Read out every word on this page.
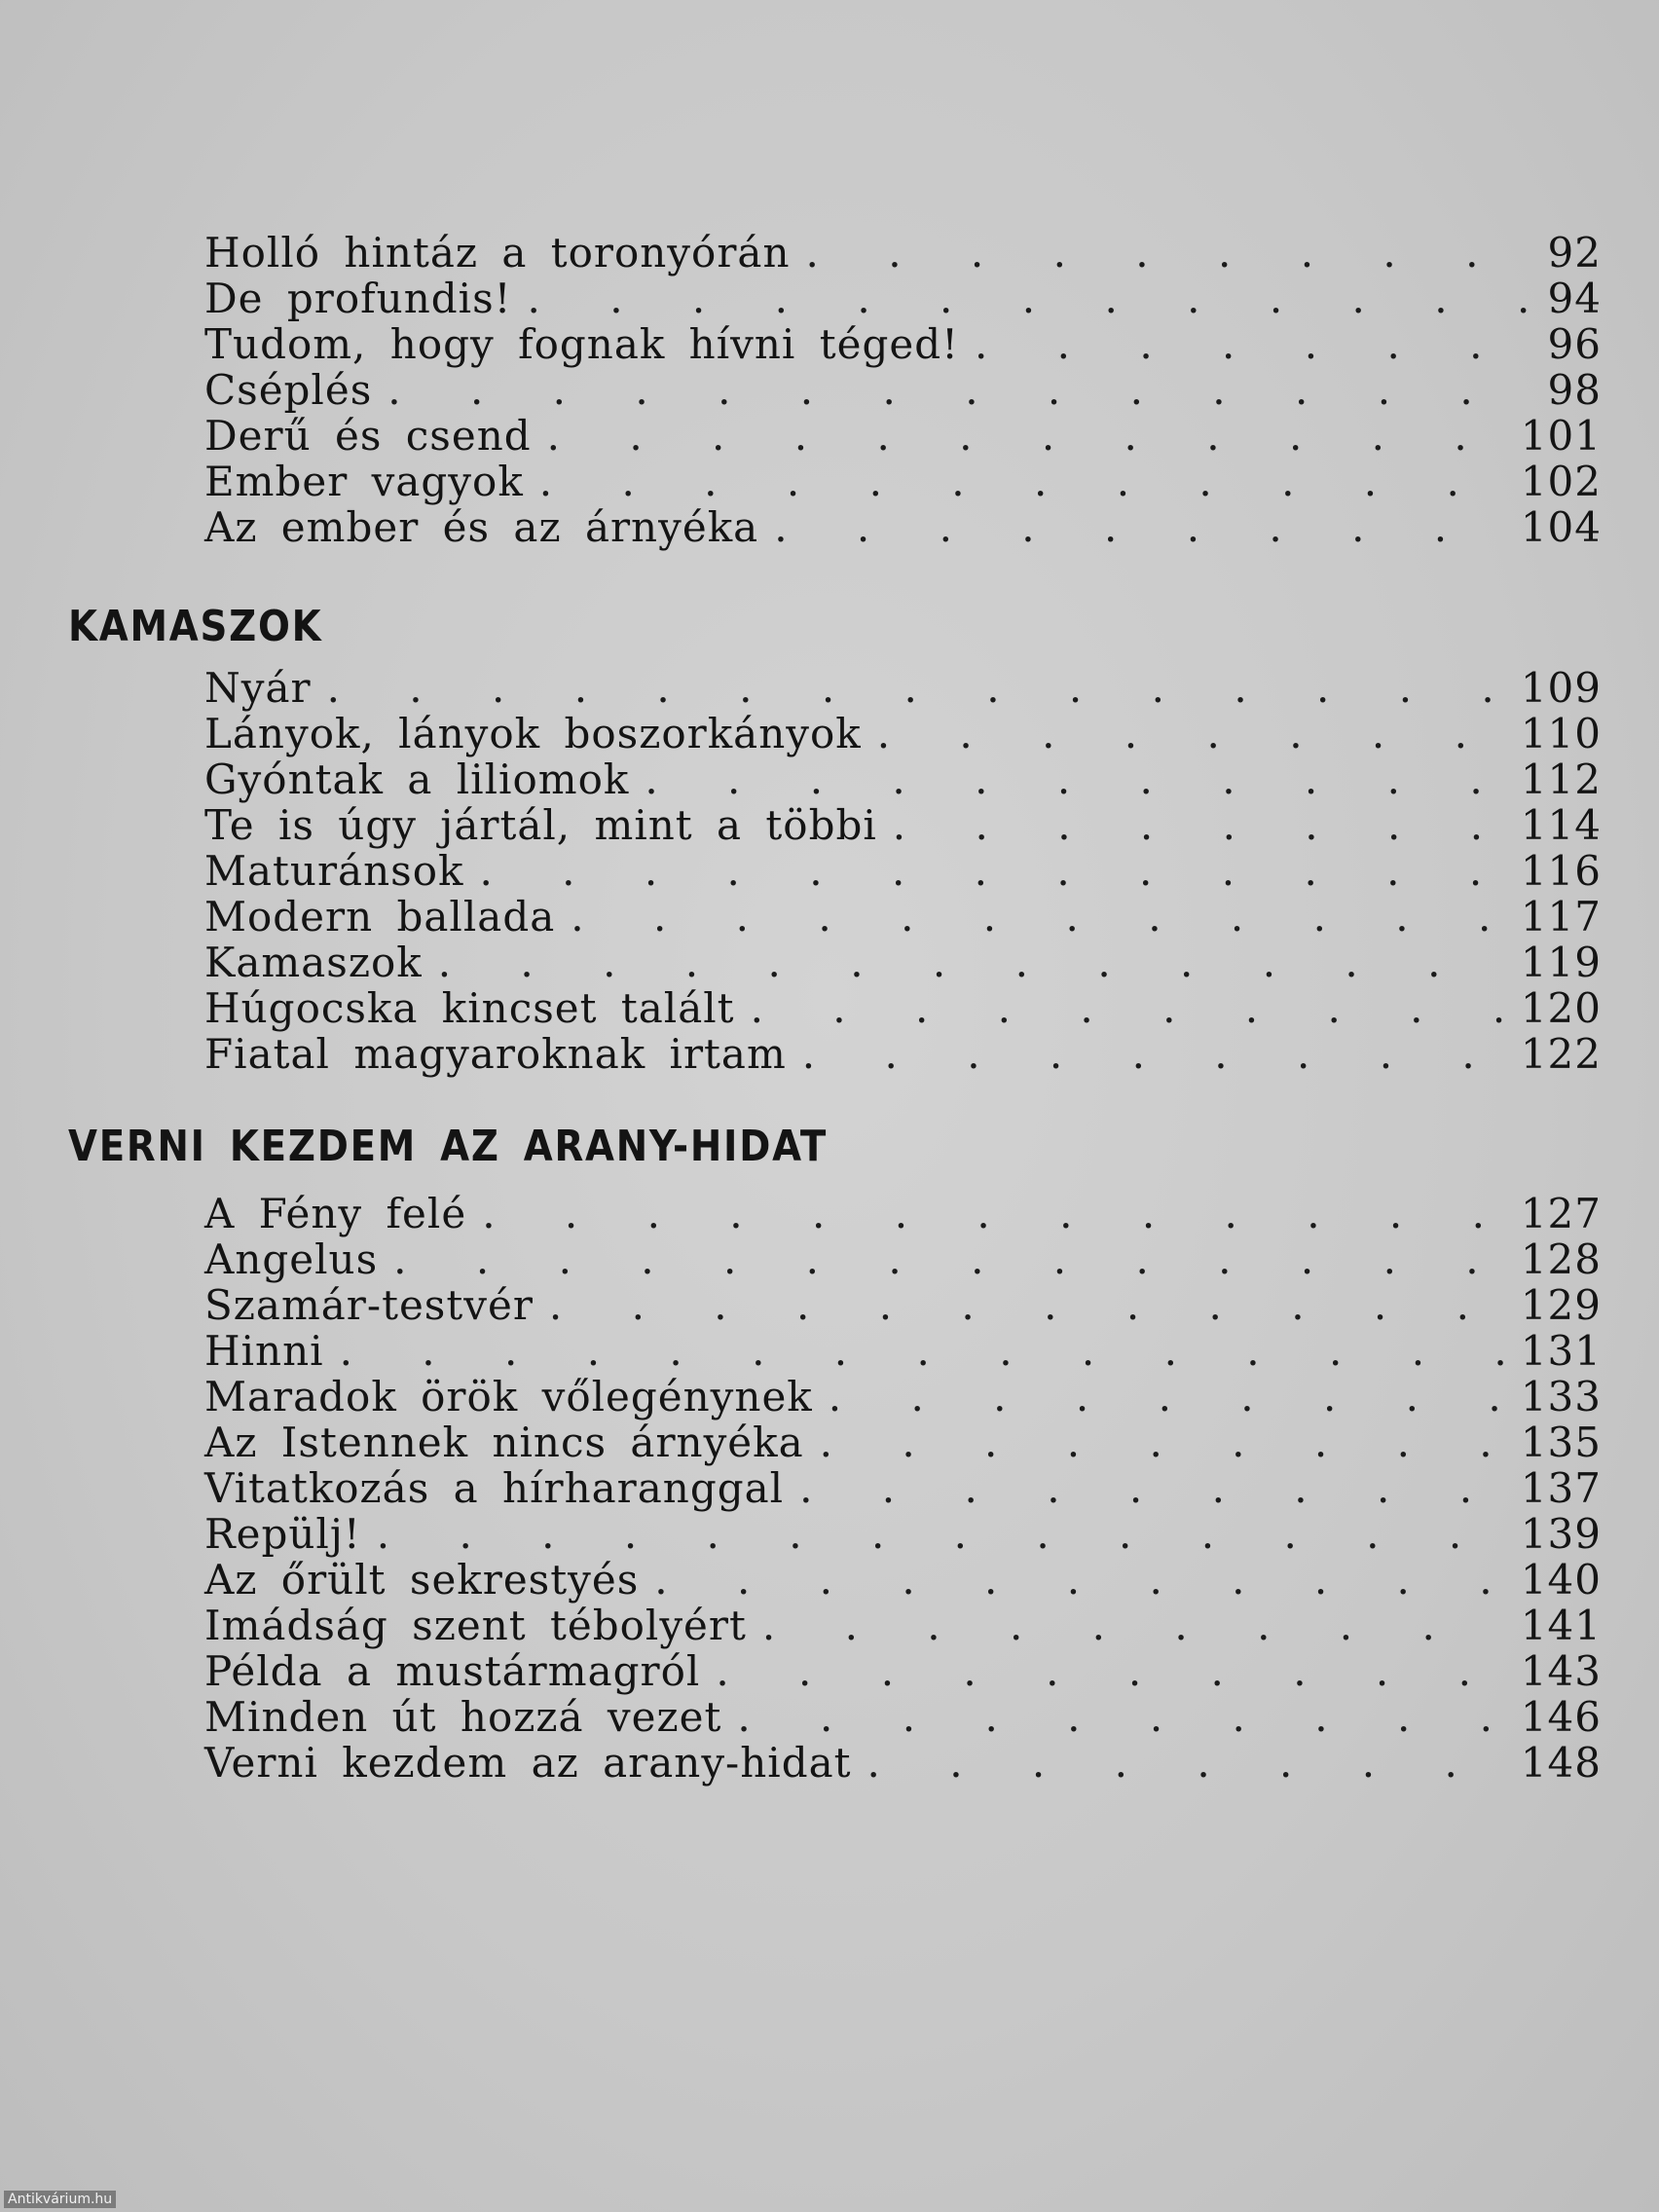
Holló hintáz a toronyórán . . .	92
De profundis! . . .	94
Tudom, hogy fognak hívni téged! . . .	96
Cséplés . . .	98
Derű és csend . . .	101
Ember vagyok . . .	102
Az ember és az árnyéka . . .	104
KAMASZOK
Nyár . . .	109
Lányok, lányok boszorkányok . . .	110
Gyóntak a liliomok . . .	112
Te is úgy jártál, mint a többi . . .	114
Maturánsok . . .	116
Modern ballada . . .	117
Kamaszok . . .	119
Húgocska kincset talált . . .	120
Fiatal magyaroknak irtam . . .	122
VERNI KEZDEM AZ ARANY-HIDAT
A Fény felé . . .	127
Angelus . . .	128
Szamár-testvér . . .	129
Hinni . . .	131
Maradok örök vőlegénynek . . .	133
Az Istennek nincs árnyéka . . .	135
Vitatkozás a hírharanggal . . .	137
Repülj! . . .	139
Az őrült sekrestyés . . .	140
Imádság szent tébolyért . . .	141
Példa a mustármagról . . .	143
Minden út hozzá vezet . . .	146
Verni kezdem az arany-hidat . . .	148
Antikvárium.hu
